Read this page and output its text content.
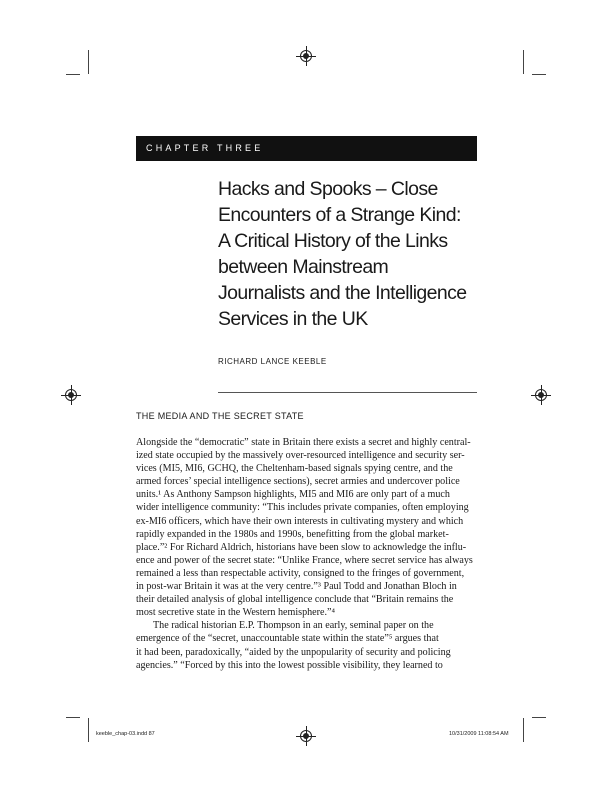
CHAPTER THREE
Hacks and Spooks – Close
Encounters of a Strange Kind:
A Critical History of the Links
between Mainstream
Journalists and the Intelligence
Services in the UK
RICHARD LANCE KEEBLE
THE MEDIA AND THE SECRET STATE
Alongside the “democratic” state in Britain there exists a secret and highly central-
ized state occupied by the massively over-resourced intelligence and security ser-
vices (MI5, MI6, GCHQ, the Cheltenham-based signals spying centre, and the
armed forces’ special intelligence sections), secret armies and undercover police
units. ¹ As Anthony Sampson highlights, MI5 and MI6 are only part of a much
wider intelligence community: “This includes private companies, often employing
ex-MI6 officers, which have their own interests in cultivating mystery and which
rapidly expanded in the 1980s and 1990s, benefitting from the global market-
place.” ² For Richard Aldrich, historians have been slow to acknowledge the influ-
ence and power of the secret state: “Unlike France, where secret service has always
remained a less than respectable activity, consigned to the fringes of government,
in post-war Britain it was at the very centre.” ³ Paul Todd and Jonathan Bloch in
their detailed analysis of global intelligence conclude that “Britain remains the
most secretive state in the Western hemisphere.” ⁴
The radical historian E.P. Thompson in an early, seminal paper on the
emergence of the “secret, unaccountable state within the state” ⁵ argues that
it had been, paradoxically, “aided by the unpopularity of security and policing
agencies.” “Forced by this into the lowest possible visibility, they learned to
keeble_chap-03.indd 87	10/31/2009 11:08:54 AM
